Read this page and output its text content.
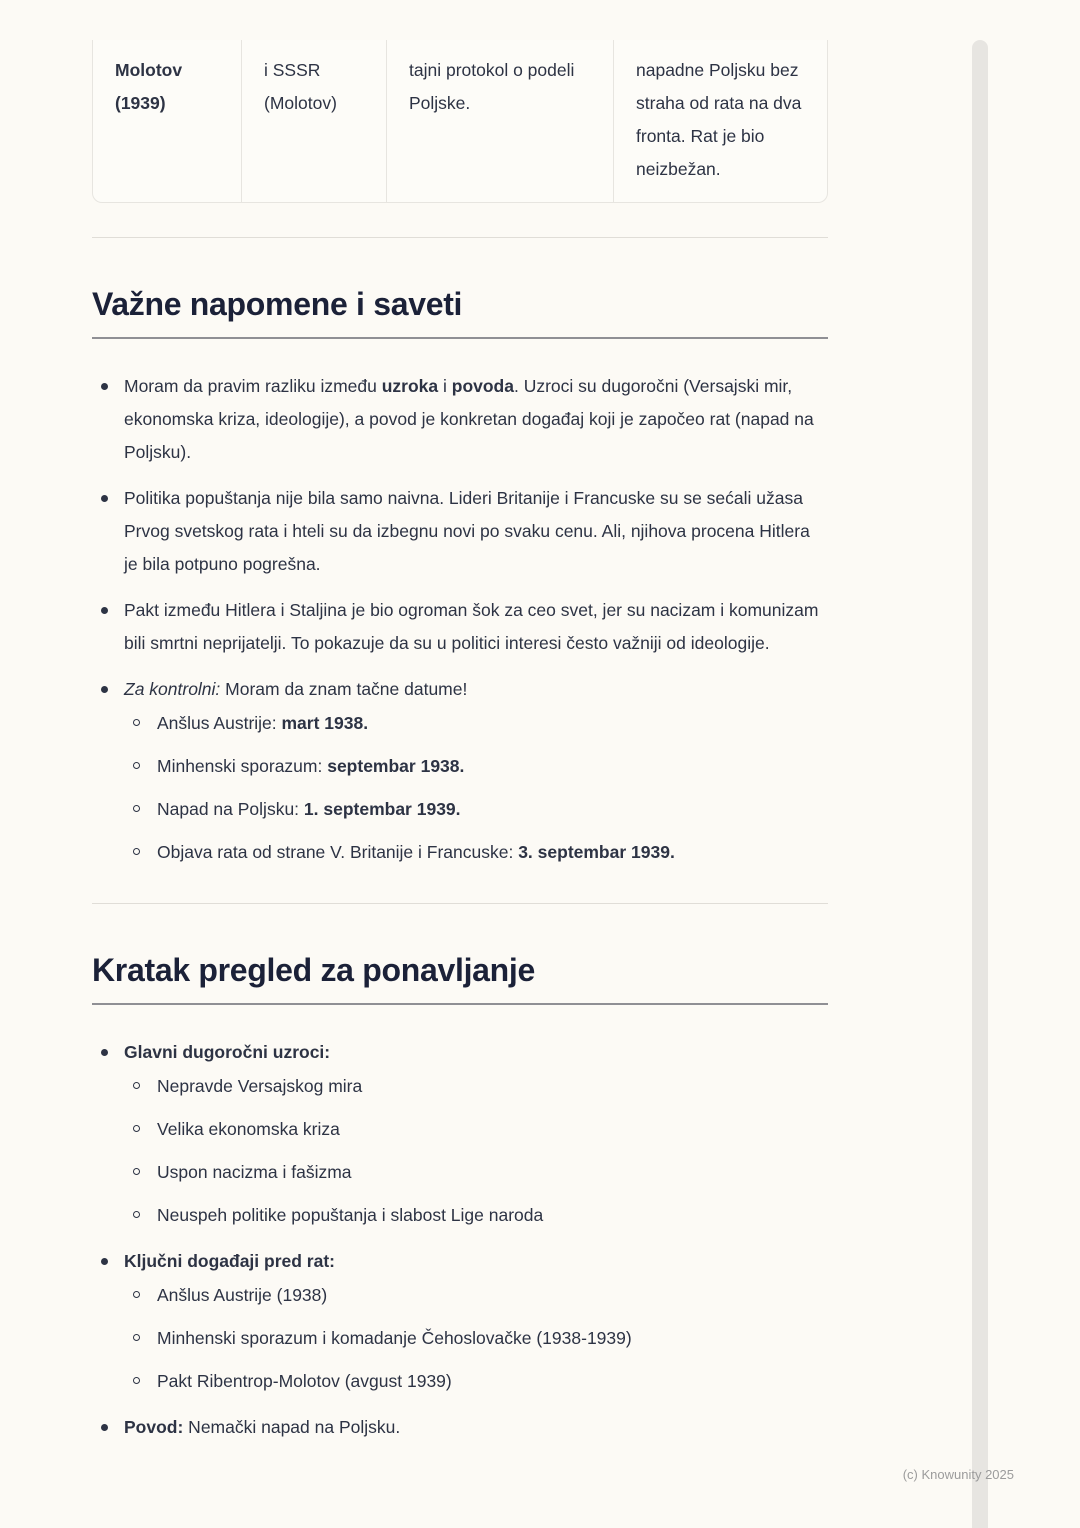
Molotov (1939)
i SSSR (Molotov)
tajni protokol o podeli Poljske.
napadne Poljsku bez straha od rata na dva fronta. Rat je bio neizbežan.
Važne napomene i saveti
Moram da pravim razliku između uzroka i povoda. Uzroci su dugoročni (Versajski mir, ekonomska kriza, ideologije), a povod je konkretan događaj koji je započeo rat (napad na Poljsku).
Politika popuštanja nije bila samo naivna. Lideri Britanije i Francuske su se sećali užasa Prvog svetskog rata i hteli su da izbegnu novi po svaku cenu. Ali, njihova procena Hitlera je bila potpuno pogrešna.
Pakt između Hitlera i Staljina je bio ogroman šok za ceo svet, jer su nacizam i komunizam bili smrtni neprijatelji. To pokazuje da su u politici interesi često važniji od ideologije.
Za kontrolni: Moram da znam tačne datume!
Anšlus Austrije: mart 1938.
Minhenski sporazum: septembar 1938.
Napad na Poljsku: 1. septembar 1939.
Objava rata od strane V. Britanije i Francuske: 3. septembar 1939.
Kratak pregled za ponavljanje
Glavni dugoročni uzroci:
Nepravde Versajskog mira
Velika ekonomska kriza
Uspon nacizma i fašizma
Neuspeh politike popuštanja i slabost Lige naroda
Ključni događaji pred rat:
Anšlus Austrije (1938)
Minhenski sporazum i komadanje Čehoslovačke (1938-1939)
Pakt Ribentrop-Molotov (avgust 1939)
Povod: Nemački napad na Poljsku.
(c) Knowunity 2025
